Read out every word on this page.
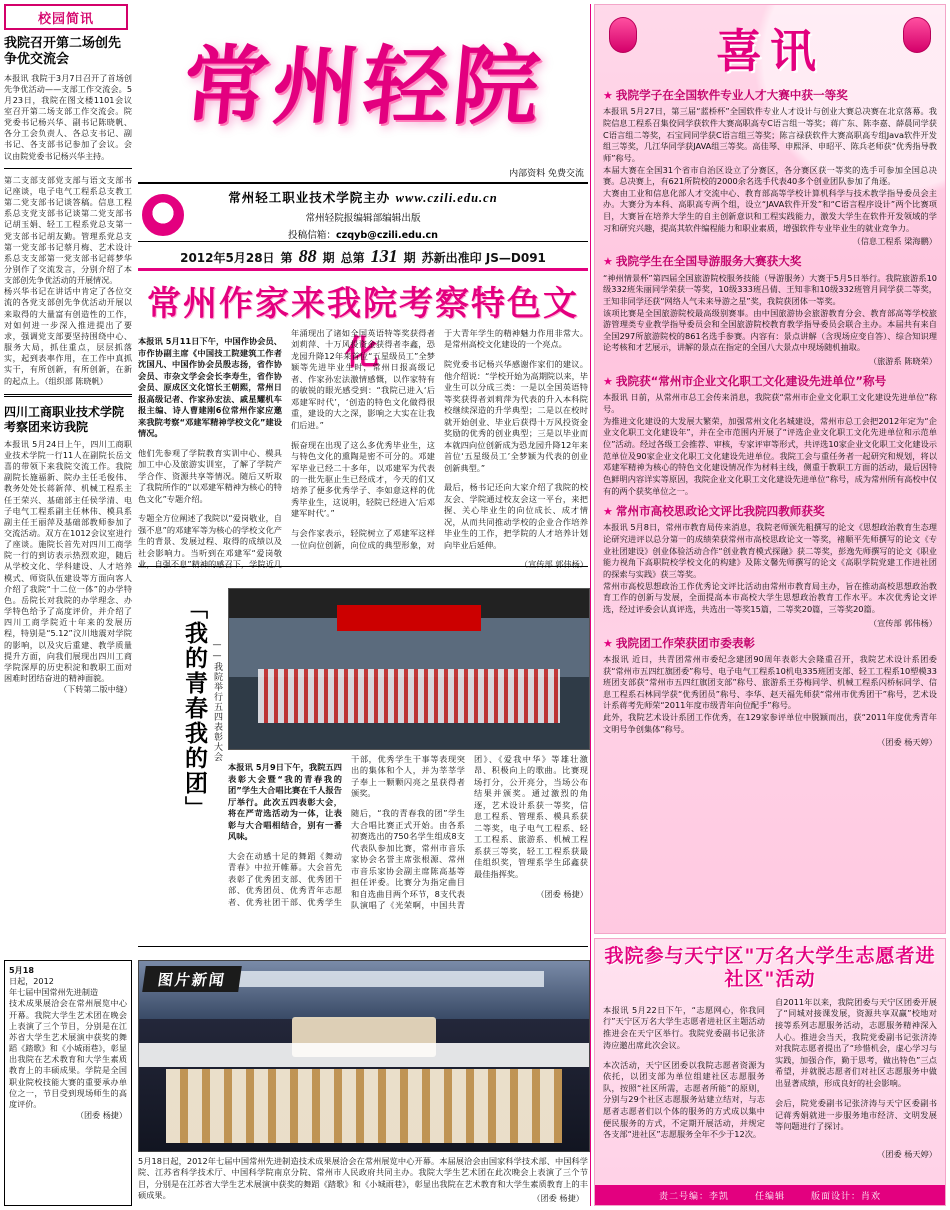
校园简讯
我院召开第二场创先争优交流会
本报讯 我院于3月7日召开了首场创先争优活动——支部工作交流会。5月23日，我院在图文楼1101会议室召开第二场支部工作交流会。院党委书记杨兴华、副书记陈晓帆、各分工会负责人、各总支书记、副书记、各支部书记参加了会议。会议由院党委书记杨兴华主持。
第二支部支部党支部与语文支部书记座谈，电子电气工程系总支教工第二党支部书记谈答稿。信息工程系总支党支部书记谈第二党支部书记胡玉娟、轻工工程系党总支第一党支部书记胡友勤。管理系党总支第一党支部书记蔡月梅、艺术设计系总支支部第一党支部书记蒋梦华分别作了交流发言，分别介绍了本支部创先争优活动的开展情况。
杨兴华书记在讲话中肯定了各位交流的各党支部创先争优活动开展以来取得的大量富有创造性的工作，对如何进一步深入推进提出了要求，强调党支部要坚持围绕中心、服务大局，抓住重点，层层抓落实，起到表率作用，在工作中真抓实干，有所创新，有所创新，在新的起点上。（组织部 陈晓帆）
四川工商职业技术学院考察团来访我院
本报讯 5月24日上午，四川工商职业技术学院一行11人在副院长岳文喜的带领下来我院交流工作。我院副院长施福新、院办主任毛俊伟、教务处处长蒋新萍、机械工程系主任王荣兴、基础部主任侯学清、电子电气工程系副主任林伟、模具系副主任王丽萍及基础部教师参加了交流活动。双方在1012会议室进行了座谈。施院长首先对四川工商学院一行的到访表示热烈欢迎，随后从学校文化、学科建设、人才培养模式、师资队伍建设等方面向客人介绍了我院“十二位一体”的办学特色。岳院长对我院的办学理念、办学特色给予了高度评价，并介绍了四川工商学院近十年来的发展历程，特别是“5.12”汶川地震对学院的影响，以及灾后重建、教学质量提升方面，向我们展现出四川工商学院深厚的历史积淀和教职工面对困难时团结奋进的精神面貌。
（下转第二版中缝）
常州轻院
内部资料 免费交流
常州轻工职业技术学院主办 www.czili.edu.cn
常州轻院报编辑部编辑出版
投稿信箱：czqyb@czili.edu.cn
2012年5月28日 第 88 期 总第 131 期 苏新出准印 JS—D091
常州作家来我院考察特色文化

本报讯 5月11日下午，中国作协会员、市作协副主席《中国技工院建筑工作者沈国凡、中国作协会员殷志扬，省作协会员、市杂文学会会长李寿生，省作协会员、原成区文化馆长王朝熙，常州日报高级记者、作家孙宏法、戚星耀机车报主编、诗人曹建刚6位常州作家应邀来我院考察“邓建军精神学校文化”建设情况。

他们先参观了学院教育实训中心、模具加工中心及旅游实训室，了解了学院产学合作、资源共享等情况。随后又听取了我院所作的“以邓建军精神为核心的特色文化”专题介绍。

专题全方位阐述了我院以“爱岗敬业，自强不息”的邓建军等为核心的学校文化产生的背景、发展过程、取得的成绩以及社会影响力。当听到在邓建军“爱岗敬业，自强不息”精神的感召下，学院近几年涌现出了诸如全国英语特等奖获得者刘莉萍、十万风投资金获得者李鑫，恐龙园升降12年来首位“五星级员工”全梦颖等先进毕业生时，常州日报高级记者、作家孙宏法激情感慨，以作家特有的敏锐的眼光感受到：“我院已进入‘后邓建军时代’，‘创造的特色文化做得很重，建设的大之深，影响之大实在让我们后进。”

振奋现在出现了这么多优秀毕业生，这与特色文化的熏陶是密不可分的。邓建军毕业已经二十多年，以邓建军为代表的一批先驱止生已经成才，今天的们又培养了便多优秀学子、李如意这样的优秀毕业生，这说明，轻院已经进入‘后邓建军时代’。”

与会作家表示，轻院树立了邓建军这样一位向位创新，向位成的典型形象，对于大青年学生的精神魅力作用非常大。是常州高校文化建设的一个亮点。

院党委书记杨兴华感谢作家们的建议。他介绍说：“学校开始为高期院以来，毕业生可以分成三类：一是以全国英语特等奖获得者刘莉萍为代表的升入本科院校继续深造的升学典型；二是以在校时就开始创业、毕业后获得十万风投资金奖励的优秀的创业典型；三是以毕业而本就四向位创新成为恐龙园升降12年来首位‘五星级员工’全梦颖为代表的创业创新典型。”

最后，杨书记还向大家介绍了我院的校友会、学院通过校友会这一平台，来把握、关心毕业生的向位成长、成才情况，从而共同推动学校的企业合作培养毕业生的工作，把学院的人才培养计划向毕业后延伸。

（宣传部 郭伟杨）

「我的青春我的团」 ——我院举行五四表彰大会

本报讯 5月9日下午，我院五四表彰大会暨“我的青春我的团”学生大合唱比赛在千人报告厅举行。此次五四表彰大会，将在严苛选活动为一体，让表彰与大合唱相结合，别有一番风味。

大会在动感十足的舞蹈《舞动青春》中拉开帷幕。大会首先表彰了优秀团支部、优秀团干部、优秀团员、优秀青年志愿者、优秀社团干部、优秀学生干部，优秀学生干事等表现突出的集体和个人，并为莘莘学子奉上一颗颗闪亮之星获得者颁奖。

随后，“我的青春我的团”学生大合唱比赛正式开始。由各系初赛选出的750名学生组成8支代表队参加比赛，常州市音乐家协会名誉主席张根源、常州市音乐家协会副主席陈高基等担任评委。比赛分为指定曲目和自选曲目两个环节，8支代表队演唱了《光荣啊，中国共青团》、《爱我中华》等雄壮激昂、积极向上的歌曲。比赛现场打分，公开亮分，当场公布结果并颁奖。通过激烈的角逐，艺术设计系获一等奖，信息工程系、管理系、模具系获二等奖，电子电气工程系、轻工工程系、旅游系、机械工程系获三等奖，轻工工程系获最佳组织奖，管理系学生邱鑫获最佳指挥奖。

（团委 杨捷）

5月18
日起，2012
年七届中国常州先进制造
技术成果展洽会在常州展览中心开幕。我院大学生艺术团在晚会上表演了三个节目，分别是在江苏省大学生艺术展演中获奖的舞蹈《踏歌》和《小城雨巷》，彰显出我院在艺术教育和大学生素质教育上的丰硕成果。学院是全国职业院校技能大赛的重要承办单位之一，节目受到现场师生的高度评价。
（团委 杨捷）
图片新闻
5月18日起，2012年七届中国常州先进制造技术成果展洽会在常州展览中心开幕。本届展洽会由国家科学技术部、中国科学院、江苏省科学技术厅、中国科学院南京分院、常州市人民政府共同主办。我院大学生艺术团在此次晚会上表演了三个节目，分别是在江苏省大学生艺术展演中获奖的舞蹈《踏歌》和《小城雨巷》，彰显出我院在艺术教育和大学生素质教育上的丰硕成果。	（团委 杨捷）
喜讯
★ 我院学子在全国软件专业人才大赛中获一等奖
本报讯 5月27日，第三届“蓝桥杯”全国软件专业人才设计与创业大赛总决赛在北京落幕。我院信息工程系召集佼同学获软件大赛高职高专C语言组一等奖；蒋广东、陈李嘉、薛晨同学获C语言组二等奖，石宝同同学获C语言组三等奖；陈言禄获软件大赛高职高专组Java软件开发组三等奖，几江华同学获JAVA组三等奖。高佳琴、申熙泽、申昭平、陈兵老师获“优秀指导教师”称号。
本届大赛在全国31个省市自治区设立了分赛区，各分赛区获一等奖的选手可参加全国总决赛。总决赛上，有621所院校的2000余名选手代表40多个创业团队参加了角逐。
大赛由工业和信息化部人才交流中心、教育部高等学校计算机科学与技术教学指导委员会主办。大赛分为本科、高职高专两个组，设立“JAVA软件开发”和“C语言程序设计”两个比赛项目，大赛旨在培养大学生的自主创新意识和工程实践能力，激发大学生在软件开发领域的学习和研究兴趣，提高其软件编程能力和职业素质，增强软件专业毕业生的就业竞争力。
（信息工程系 梁海鹏）
★ 我院学生在全国导游服务大赛获大奖
“神州情景杯”第四届全国旅游院校服务技能（导游服务）大赛于5月5日举行。我院旅游系10级332班朱丽同学荣获一等奖，10级333班吕倩、王知非和10级332班管月同学获二等奖，王知非同学还获“网络人气未来导游之星”奖，我院获团体一等奖。
该项比赛是全国旅游院校最高级别赛事。由中国旅游协会旅游教育分会、教育部高等学校旅游管理类专业教学指导委员会和全国旅游院校教育教学指导委员会联合主办。本届共有来自全国297所旅游院校的861名选手参赛。内容有：景点讲解（含现场应变自答）、综合知识理论考核和才艺展示，讲解的景点在指定的全国八大景点中现场随机抽取。
（旅游系 陈晓荣）
★ 我院获“常州市企业文化职工文化建设先进单位”称号
本报讯 日前，从常州市总工会传来消息，我院获“常州市企业文化职工文化建设先进单位”称号。
为推进文化建设的大发展大繁荣，加强常州文化名城建设，常州市总工会把2012年定为“企业文化职工文化建设年”，并在全市范围内开展了“评选企业文化职工文化先进单位和示范单位”活动。经过各级工会推荐、审核，专家评审等形式，共评选10家企业文化职工文化建设示范单位及90家企业文化职工文化建设先进单位。我院工会与重任务者一起研究和规划，将以邓建军精神为核心的特色文化建设情况作为材料主线，侧重于教职工方面的活动，最后因特色鲜明内容详实等原因，我院企业文化职工文化建设先进单位“称号，成为常州所有高校中仅有的两个获奖单位之一。
★ 常州市高校思政论文评比我院四教师获奖
本报讯 5月8日，常州市教育局传来消息，我院老师颁先粗撰写的论文《思想政治教育生态理论研究进评以总分第一的成绩荣获常州市高校思政论文一等奖，褚顺平先师撰写的论文《专业社团建设》创业体验活动合作“创业教育模式探融》获二等奖，彭逸先师撰写的论文《职业能力视角下高职院校学校文化的构建》及陈文馨先师撰写的论文《高职学院党建工作进社团的探索与实践》获三等奖。
常州市高校思想政治工作优秀论文评比活动由常州市教育局主办，旨在推动高校思想政治教育工作的创新与发展，全面提高本市高校大学生思想政治教育工作水平。本次优秀论文评选，经过评委会认真评选，共选出一等奖15篇，二等奖20篇，三等奖20篇。
（宣传部 郭伟杨）
★ 我院团工作荣获团市委表彰
本报讯 近日，共青团常州市委纪念建团90周年表彰大会隆重召开，我院艺术设计系团委获“常州市五四红旗团委”称号、电子电气工程系10机电335班团支部、轻工工程系10塑模33班团支部获“常州市五四红旗团支部”称号、旅游系王芬梅同学、机械工程系闪桥标同学、信息工程系石林同学获“优秀团员”称号、李华、赵天福先师获“常州市优秀团干”称号，艺术设计系蒋考先师荣“2011年度市级青年向位配手”称号。
此外，我院艺术设计系团工作优秀，在129家参评单位中脱颖而出，获“2011年度优秀青年文明号争创集体”称号。
（团委 杨天婷）
我院参与天宁区"万名大学生志愿者进社区"活动

本报讯 5月22日下午，“志愿网心，你我同行”天宁区万名大学生志愿者进社区主题活动推进会在天宁区举行。我院党委副书记张济涛应邀出席此次会议。

本次活动，天宁区团委以我院志愿者资源为依托，以团支部为单位组建社区志愿服务队，按照“社区所需，志愿者所能”的原则，分别与29个社区志愿服务站建立结对，与志愿者志愿者们以个体的服务的方式成以集中便民服务的方式，不定期开展活动，并规定各支部“进社区”志愿服务全年不少于12次。

自2011年以来，我院团委与天宁区团委开展了“同城对接课发展，资源共享双赢”校地对接等系列志愿服务活动，志愿服务精神深入人心。推进会当天，我院党委副书记张济涛对我院志愿者提出了“珍惜机会，虚心学习与实践，加强合作，勤于思考，做出特色”三点希望，并就脱志愿者们对社区志愿服务中做出显著成绩，形成良好的社会影响。

会后，院党委副书记张济涛与天宁区委副书记蒋秀娟就进一步服务地市经济、文明发展等问题进行了探讨。

（团委 杨天婷）
责二号编：李凯	任编辑	版面设计：肖欢
